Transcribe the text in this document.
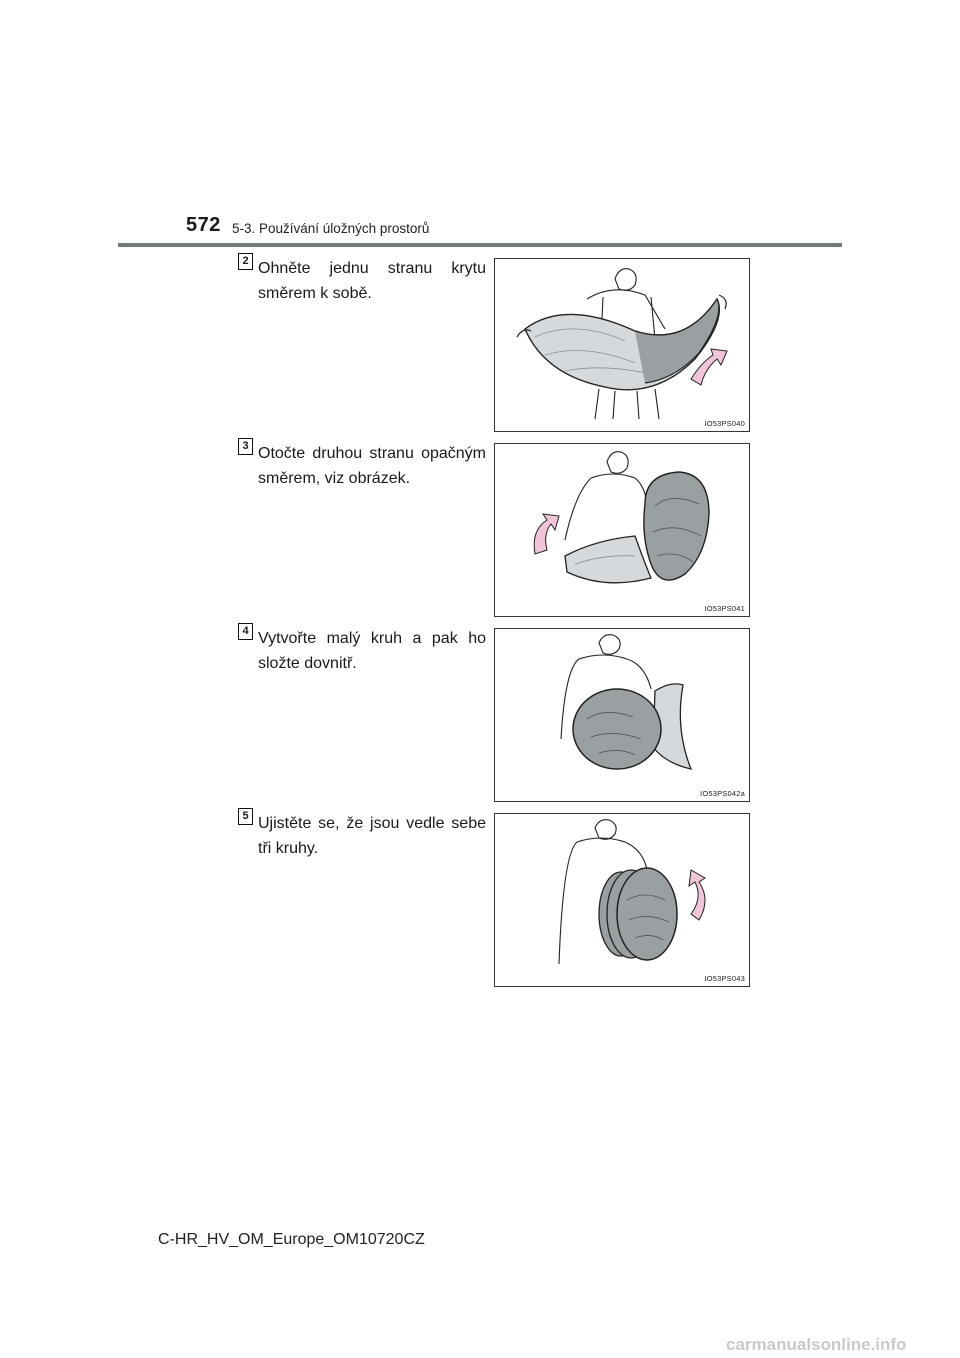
572 5-3. Používání úložných prostorů
2 Ohněte jednu stranu krytu směrem k sobě.
IO53PS040
3 Otočte druhou stranu opačným směrem, viz obrázek.
IO53PS041
4 Vytvořte malý kruh a pak ho složte dovnitř.
IO53PS042a
5 Ujistěte se, že jsou vedle sebe tři kruhy.
IO53PS043
C-HR_HV_OM_Europe_OM10720CZ
carmanualsonline.info
